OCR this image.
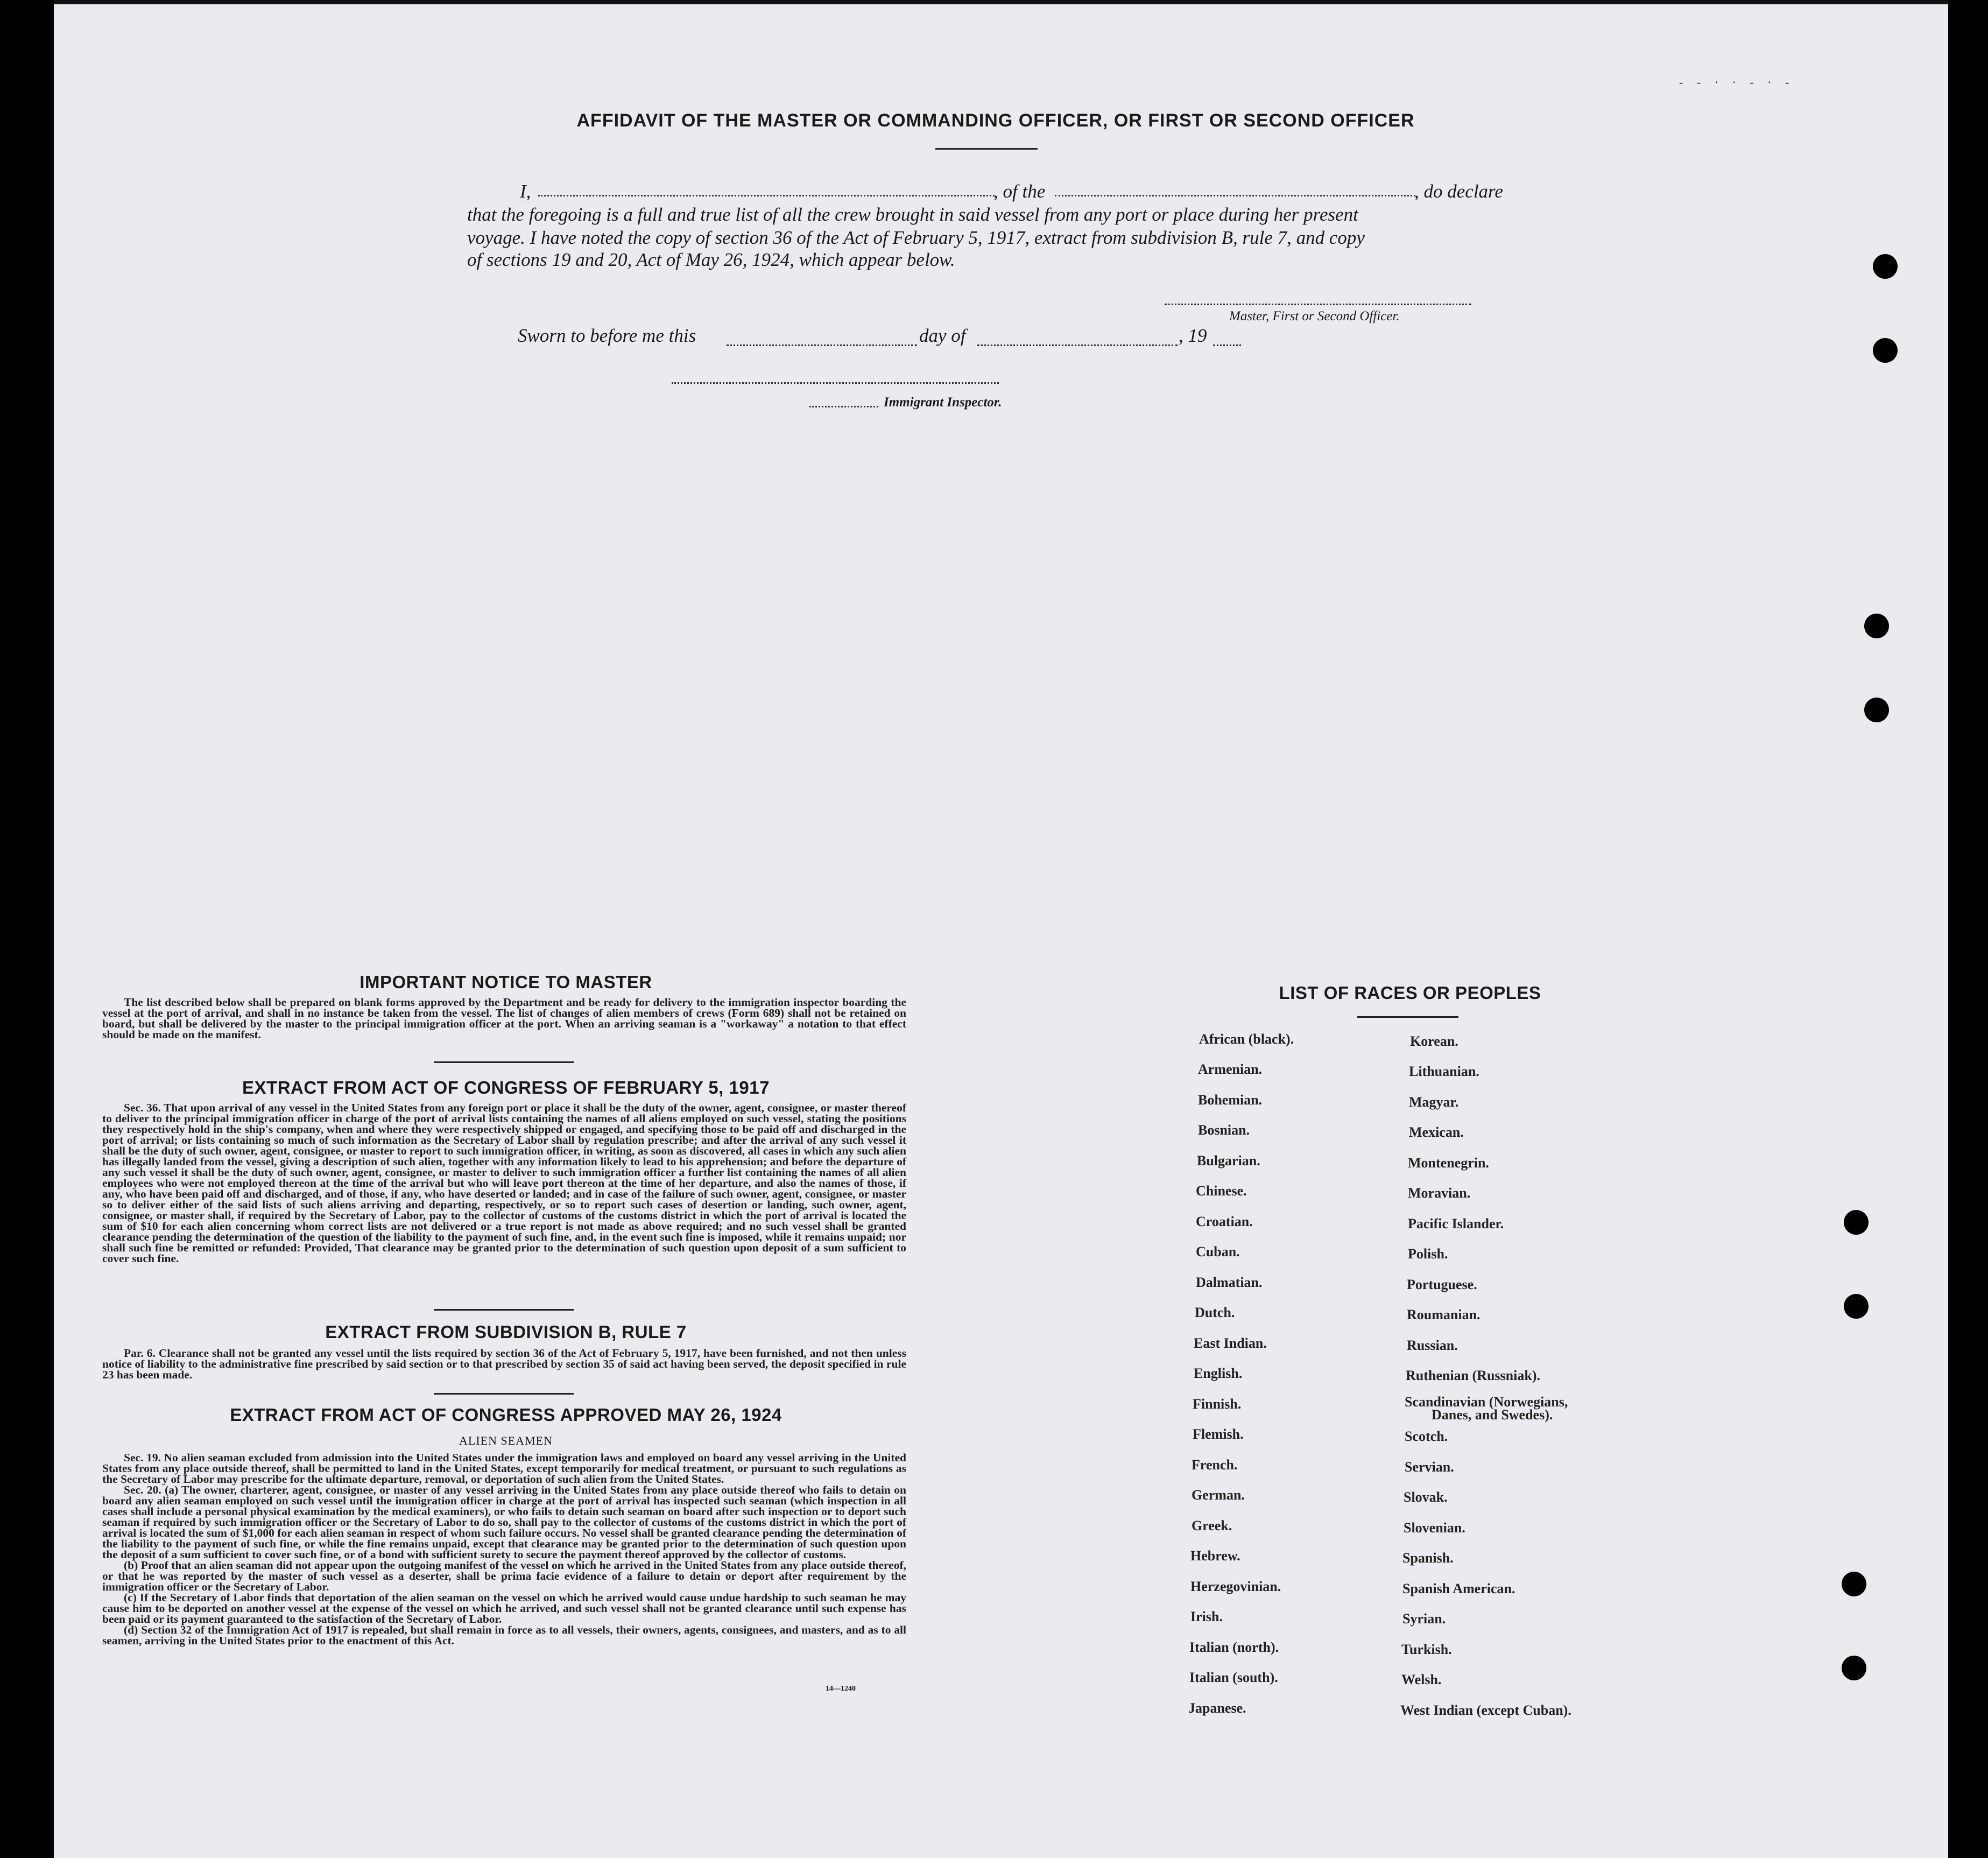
AFFIDAVIT OF THE MASTER OR COMMANDING OFFICER, OR FIRST OR SECOND OFFICER
I,	, of the	, do declare
that the foregoing is a full and true list of all the crew brought in said vessel from any port or place during her present
voyage. I have noted the copy of section 36 of the Act of February 5, 1917, extract from subdivision B, rule 7, and copy
of sections 19 and 20, Act of May 26, 1924, which appear below.
Master, First or Second Officer.
Sworn to before me this	day of	, 19
Immigrant Inspector.
IMPORTANT NOTICE TO MASTER

The list described below shall be prepared on blank forms approved by the Department and be ready for delivery to the immigration inspector boarding the vessel at the port of arrival, and shall in no instance be taken from the vessel. The list of changes of alien members of crews (Form 689) shall not be retained on board, but shall be delivered by the master to the principal immigration officer at the port. When an arriving seaman is a "workaway" a notation to that effect should be made on the manifest.

EXTRACT FROM ACT OF CONGRESS OF FEBRUARY 5, 1917

Sec. 36. That upon arrival of any vessel in the United States from any foreign port or place it shall be the duty of the owner, agent, consignee, or master thereof to deliver to the principal immigration officer in charge of the port of arrival lists containing the names of all aliens employed on such vessel, stating the positions they respectively hold in the ship's company, when and where they were respectively shipped or engaged, and specifying those to be paid off and discharged in the port of arrival; or lists containing so much of such information as the Secretary of Labor shall by regulation prescribe; and after the arrival of any such vessel it shall be the duty of such owner, agent, consignee, or master to report to such immigration officer, in writing, as soon as discovered, all cases in which any such alien has illegally landed from the vessel, giving a description of such alien, together with any information likely to lead to his apprehension; and before the departure of any such vessel it shall be the duty of such owner, agent, consignee, or master to deliver to such immigration officer a further list containing the names of all alien employees who were not employed thereon at the time of the arrival but who will leave port thereon at the time of her departure, and also the names of those, if any, who have been paid off and discharged, and of those, if any, who have deserted or landed; and in case of the failure of such owner, agent, consignee, or master so to deliver either of the said lists of such aliens arriving and departing, respectively, or so to report such cases of desertion or landing, such owner, agent, consignee, or master shall, if required by the Secretary of Labor, pay to the collector of customs of the customs district in which the port of arrival is located the sum of $10 for each alien concerning whom correct lists are not delivered or a true report is not made as above required; and no such vessel shall be granted clearance pending the determination of the question of the liability to the payment of such fine, and, in the event such fine is imposed, while it remains unpaid; nor shall such fine be remitted or refunded: Provided, That clearance may be granted prior to the determination of such question upon deposit of a sum sufficient to cover such fine.

EXTRACT FROM SUBDIVISION B, RULE 7

Par. 6. Clearance shall not be granted any vessel until the lists required by section 36 of the Act of February 5, 1917, have been furnished, and not then unless notice of liability to the administrative fine prescribed by said section or to that prescribed by section 35 of said act having been served, the deposit specified in rule 23 has been made.

EXTRACT FROM ACT OF CONGRESS APPROVED MAY 26, 1924
ALIEN SEAMEN

Sec. 19. No alien seaman excluded from admission into the United States under the immigration laws and employed on board any vessel arriving in the United States from any place outside thereof, shall be permitted to land in the United States, except temporarily for medical treatment, or pursuant to such regulations as the Secretary of Labor may prescribe for the ultimate departure, removal, or deportation of such alien from the United States.

Sec. 20. (a) The owner, charterer, agent, consignee, or master of any vessel arriving in the United States from any place outside thereof who fails to detain on board any alien seaman employed on such vessel until the immigration officer in charge at the port of arrival has inspected such seaman (which inspection in all cases shall include a personal physical examination by the medical examiners), or who fails to detain such seaman on board after such inspection or to deport such seaman if required by such immigration officer or the Secretary of Labor to do so, shall pay to the collector of customs of the customs district in which the port of arrival is located the sum of $1,000 for each alien seaman in respect of whom such failure occurs. No vessel shall be granted clearance pending the determination of the liability to the payment of such fine, or while the fine remains unpaid, except that clearance may be granted prior to the determination of such question upon the deposit of a sum sufficient to cover such fine, or of a bond with sufficient surety to secure the payment thereof approved by the collector of customs.

(b) Proof that an alien seaman did not appear upon the outgoing manifest of the vessel on which he arrived in the United States from any place outside thereof, or that he was reported by the master of such vessel as a deserter, shall be prima facie evidence of a failure to detain or deport after requirement by the immigration officer or the Secretary of Labor.

(c) If the Secretary of Labor finds that deportation of the alien seaman on the vessel on which he arrived would cause undue hardship to such seaman he may cause him to be deported on another vessel at the expense of the vessel on which he arrived, and such vessel shall not be granted clearance until such expense has been paid or its payment guaranteed to the satisfaction of the Secretary of Labor.

(d) Section 32 of the Immigration Act of 1917 is repealed, but shall remain in force as to all vessels, their owners, agents, consignees, and masters, and as to all seamen, arriving in the United States prior to the enactment of this Act.

14—1240
LIST OF RACES OR PEOPLES
African (black).
Armenian.
Bohemian.
Bosnian.
Bulgarian.
Chinese.
Croatian.
Cuban.
Dalmatian.
Dutch.
East Indian.
English.
Finnish.
Flemish.
French.
German.
Greek.
Hebrew.
Herzegovinian.
Irish.
Italian (north).
Italian (south).
Japanese.
Korean.
Lithuanian.
Magyar.
Mexican.
Montenegrin.
Moravian.
Pacific Islander.
Polish.
Portuguese.
Roumanian.
Russian.
Ruthenian (Russniak).
Scandinavian (Norwegians,
Danes, and Swedes).
Scotch.
Servian.
Slovak.
Slovenian.
Spanish.
Spanish American.
Syrian.
Turkish.
Welsh.
West Indian (except Cuban).
- - · · - · -
